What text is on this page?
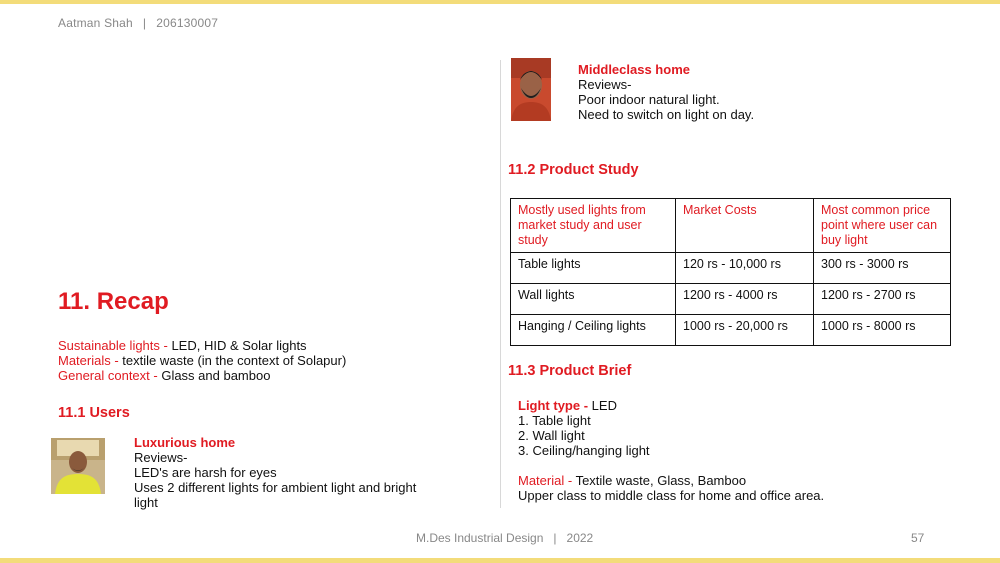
Aatman Shah | 206130007
11. Recap
Sustainable lights - LED, HID & Solar lights
Materials - textile waste (in the context of Solapur)
General context - Glass and bamboo
11.1 Users
Luxurious home
Reviews-
LED's are harsh for eyes
Uses 2 different lights for ambient light and bright
light
Middleclass home
Reviews-
Poor indoor natural light.
Need to switch on light on day.
11.2 Product Study
Mostly used lights from market study and user study	Market Costs	Most common price point where user can buy light
Table lights	120 rs - 10,000 rs	300 rs - 3000 rs
Wall lights	1200 rs - 4000 rs	1200 rs - 2700 rs
Hanging / Ceiling lights	1000 rs - 20,000 rs	1000 rs - 8000 rs
11.3 Product Brief
Light type - LED
1. Table light
2. Wall light
3. Ceiling/hanging light
Material - Textile waste, Glass, Bamboo
Upper class to middle class for home and office area.
M.Des Industrial Design | 2022	57
